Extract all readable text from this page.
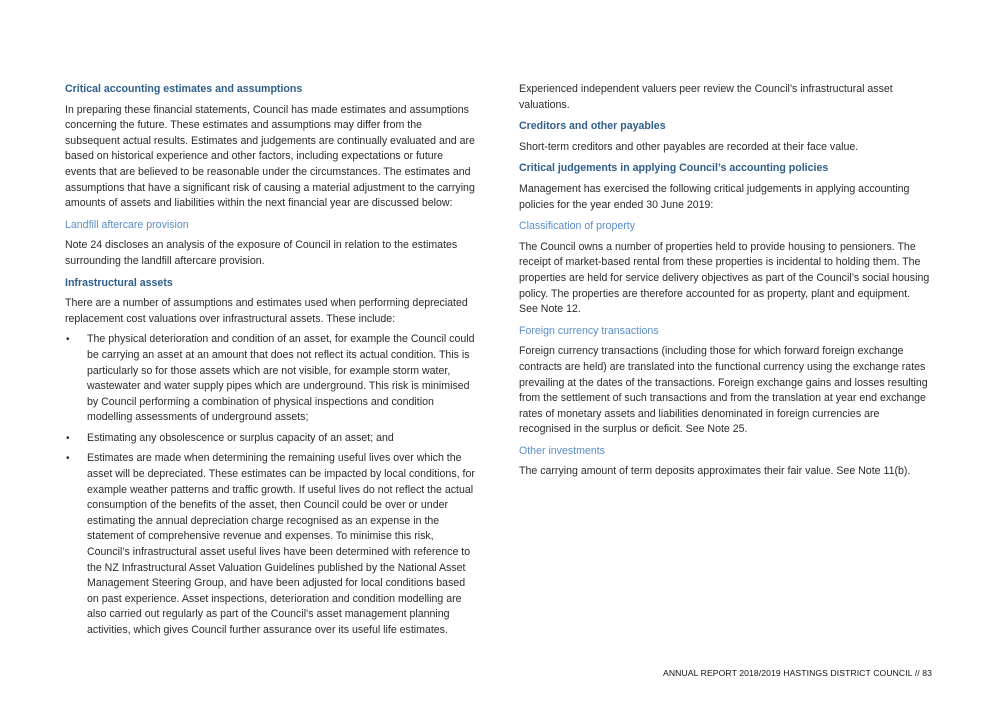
Critical accounting estimates and assumptions

In preparing these financial statements, Council has made estimates and assumptions concerning the future. These estimates and assumptions may differ from the subsequent actual results. Estimates and judgements are continually evaluated and are based on historical experience and other factors, including expectations or future events that are believed to be reasonable under the circumstances. The estimates and assumptions that have a significant risk of causing a material adjustment to the carrying amounts of assets and liabilities within the next financial year are discussed below:

Landfill aftercare provision

Note 24 discloses an analysis of the exposure of Council in relation to the estimates surrounding the landfill aftercare provision.

Infrastructural assets

There are a number of assumptions and estimates used when performing depreciated replacement cost valuations over infrastructural assets. These include:

• The physical deterioration and condition of an asset, for example the Council could be carrying an asset at an amount that does not reflect its actual condition. This is particularly so for those assets which are not visible, for example storm water, wastewater and water supply pipes which are underground. This risk is minimised by Council performing a combination of physical inspections and condition modelling assessments of underground assets;
• Estimating any obsolescence or surplus capacity of an asset; and
• Estimates are made when determining the remaining useful lives over which the asset will be depreciated. These estimates can be impacted by local conditions, for example weather patterns and traffic growth. If useful lives do not reflect the actual consumption of the benefits of the asset, then Council could be over or under estimating the annual depreciation charge recognised as an expense in the statement of comprehensive revenue and expenses. To minimise this risk, Council’s infrastructural asset useful lives have been determined with reference to the NZ Infrastructural Asset Valuation Guidelines published by the National Asset Management Steering Group, and have been adjusted for local conditions based on past experience. Asset inspections, deterioration and condition modelling are also carried out regularly as part of the Council’s asset management planning activities, which gives Council further assurance over its useful life estimates.

Experienced independent valuers peer review the Council’s infrastructural asset valuations.

Creditors and other payables

Short-term creditors and other payables are recorded at their face value.

Critical judgements in applying Council’s accounting policies

Management has exercised the following critical judgements in applying accounting policies for the year ended 30 June 2019:

Classification of property

The Council owns a number of properties held to provide housing to pensioners. The receipt of market-based rental from these properties is incidental to holding them. The properties are held for service delivery objectives as part of the Council’s social housing policy. The properties are therefore accounted for as property, plant and equipment. See Note 12.

Foreign currency transactions

Foreign currency transactions (including those for which forward foreign exchange contracts are held) are translated into the functional currency using the exchange rates prevailing at the dates of the transactions. Foreign exchange gains and losses resulting from the settlement of such transactions and from the translation at year end exchange rates of monetary assets and liabilities denominated in foreign currencies are recognised in the surplus or deficit. See Note 25.

Other investments

The carrying amount of term deposits approximates their fair value. See Note 11(b).

ANNUAL REPORT 2018/2019 HASTINGS DISTRICT COUNCIL // 83
